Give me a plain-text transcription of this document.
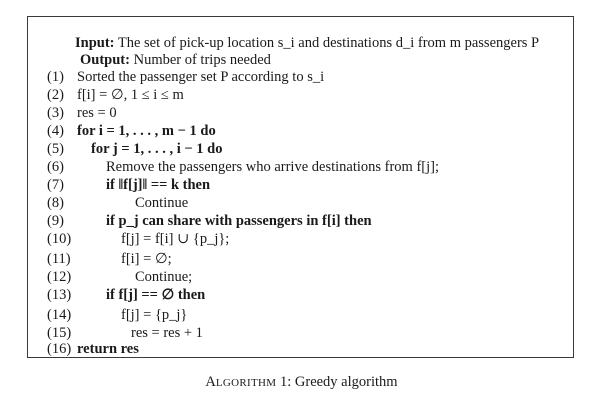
Input: The set of pick-up location s_i and destinations d_i from m passengers P
Output: Number of trips needed
(1) Sorted the passenger set P according to s_i
(2) f[i] = ∅, 1 ≤ i ≤ m
(3) res = 0
(4) for i = 1, . . . , m − 1 do
(5) for j = 1, . . . , i − 1 do
(6)	Remove the passengers who arrive destinations from f[j];
(7)	if ‖f[j]‖ == k then
(8)	Continue
(9)	if p_j can share with passengers in f[i] then
(10)	f[j] = f[i] ∪ {p_j};
(11)	f[i] = ∅;
(12)	Continue;
(13) if f[j] == ∅ then
(14)	f[j] = {p_j}
(15)	res = res + 1
(16) return res
ALGORITHM 1: Greedy algorithm
